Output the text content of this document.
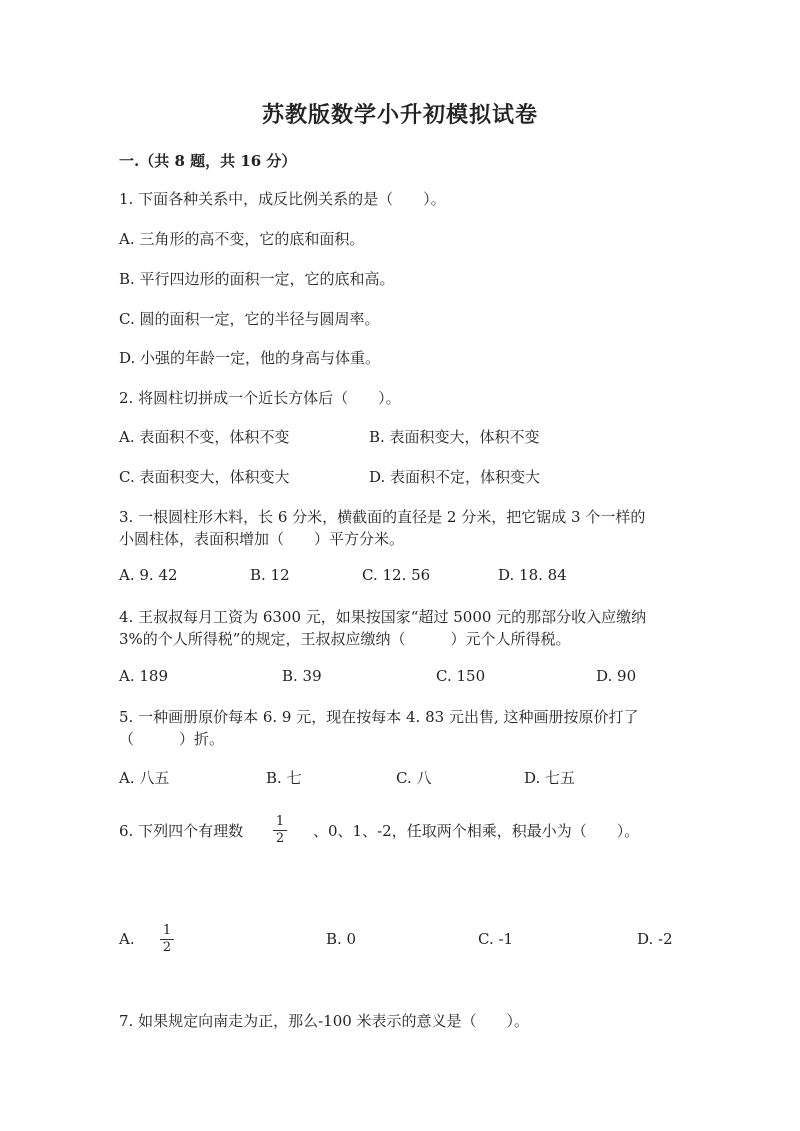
苏教版数学小升初模拟试卷
一.（共 8 题，共 16 分）
1. 下面各种关系中，成反比例关系的是（　　）。
A. 三角形的高不变，它的底和面积。
B. 平行四边形的面积一定，它的底和高。
C. 圆的面积一定，它的半径与圆周率。
D. 小强的年龄一定，他的身高与体重。
2. 将圆柱切拼成一个近长方体后（　　）。
A. 表面积不变，体积不变	B. 表面积变大，体积不变
C. 表面积变大，体积变大	D. 表面积不定，体积变大
3. 一根圆柱形木料，长 6 分米，横截面的直径是 2 分米，把它锯成 3 个一样的
小圆柱体，表面积增加（　　）平方分米。
A. 9. 42	B. 12	C. 12. 56	D. 18. 84
4. 王叔叔每月工资为 6300 元，如果按国家“超过 5000 元的那部分收入应缴纳
3%的个人所得税”的规定，王叔叔应缴纳（　　　）元个人所得税。
A. 189	B. 39	C. 150	D. 90
5. 一种画册原价每本 6. 9 元，现在按每本 4. 83 元出售, 这种画册按原价打了
（　　　）折。
A. 八五	B. 七	C. 八	D. 七五
6. 下列四个有理数
1
2 、0、1、-2，任取两个相乘，积最小为（　　）。
A. 1
2	B. 0	C. -1	D. -2
7. 如果规定向南走为正，那么-100 米表示的意义是（　　）。
